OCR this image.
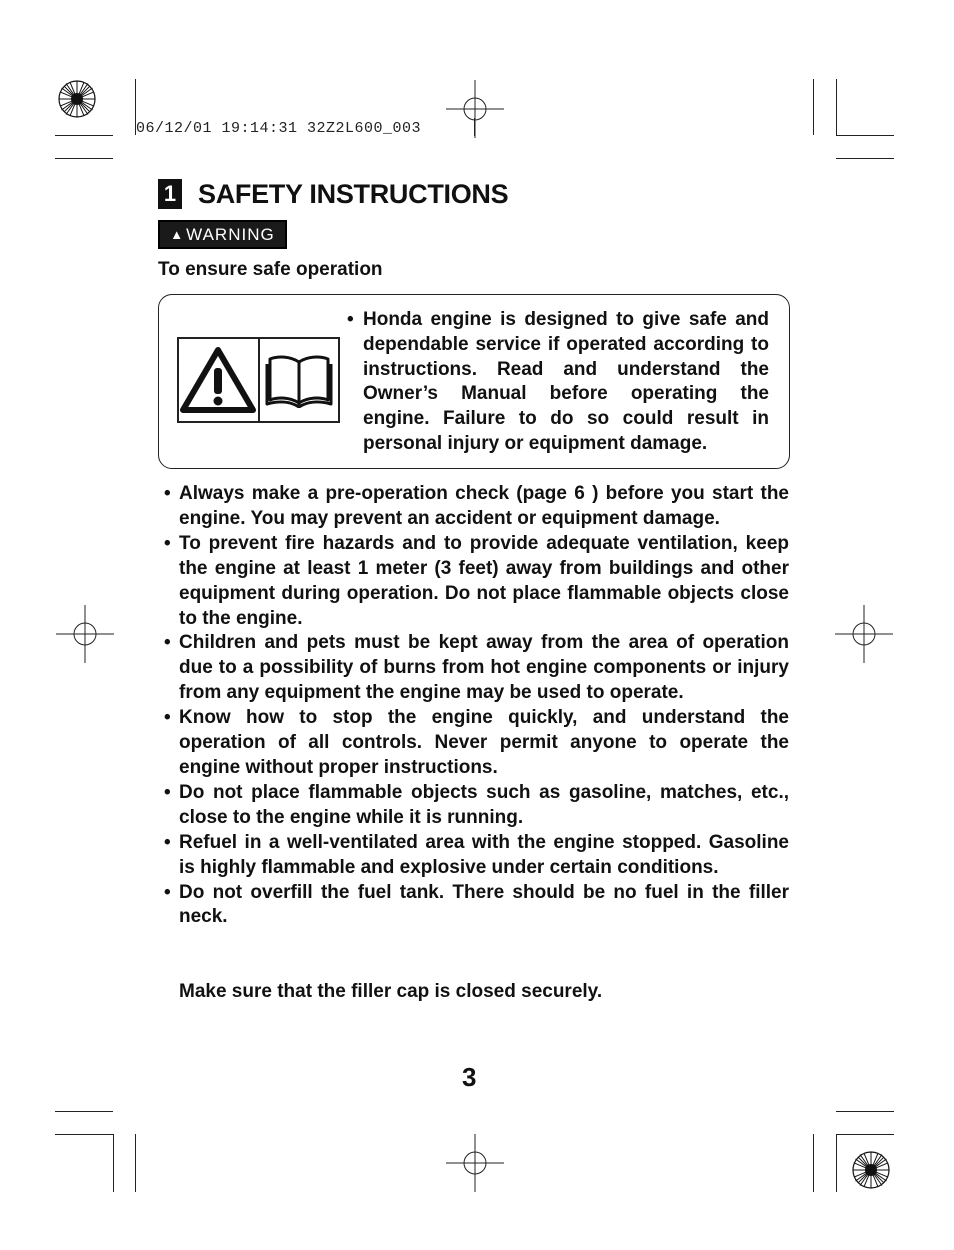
06/12/01 19:14:31 32Z2L600_003
1 SAFETY INSTRUCTIONS
▲ WARNING
To ensure safe operation
• Honda engine is designed to give safe and dependable service if operated according to instructions. Read and understand the Owner’s Manual before operating the engine. Failure to do so could result in personal injury or equipment damage.
• Always make a pre-operation check (page 6 ) before you start the engine. You may prevent an accident or equipment damage.
• To prevent fire hazards and to provide adequate ventilation, keep the engine at least 1 meter (3 feet) away from buildings and other equipment during operation. Do not place flammable objects close to the engine.
• Children and pets must be kept away from the area of operation due to a possibility of burns from hot engine components or injury from any equipment the engine may be used to operate.
• Know how to stop the engine quickly, and understand the operation of all controls. Never permit anyone to operate the engine without proper instructions.
• Do not place flammable objects such as gasoline, matches, etc., close to the engine while it is running.
• Refuel in a well-ventilated area with the engine stopped. Gasoline is highly flammable and explosive under certain conditions.
• Do not overfill the fuel tank. There should be no fuel in the filler neck.
Make sure that the filler cap is closed securely.
3
